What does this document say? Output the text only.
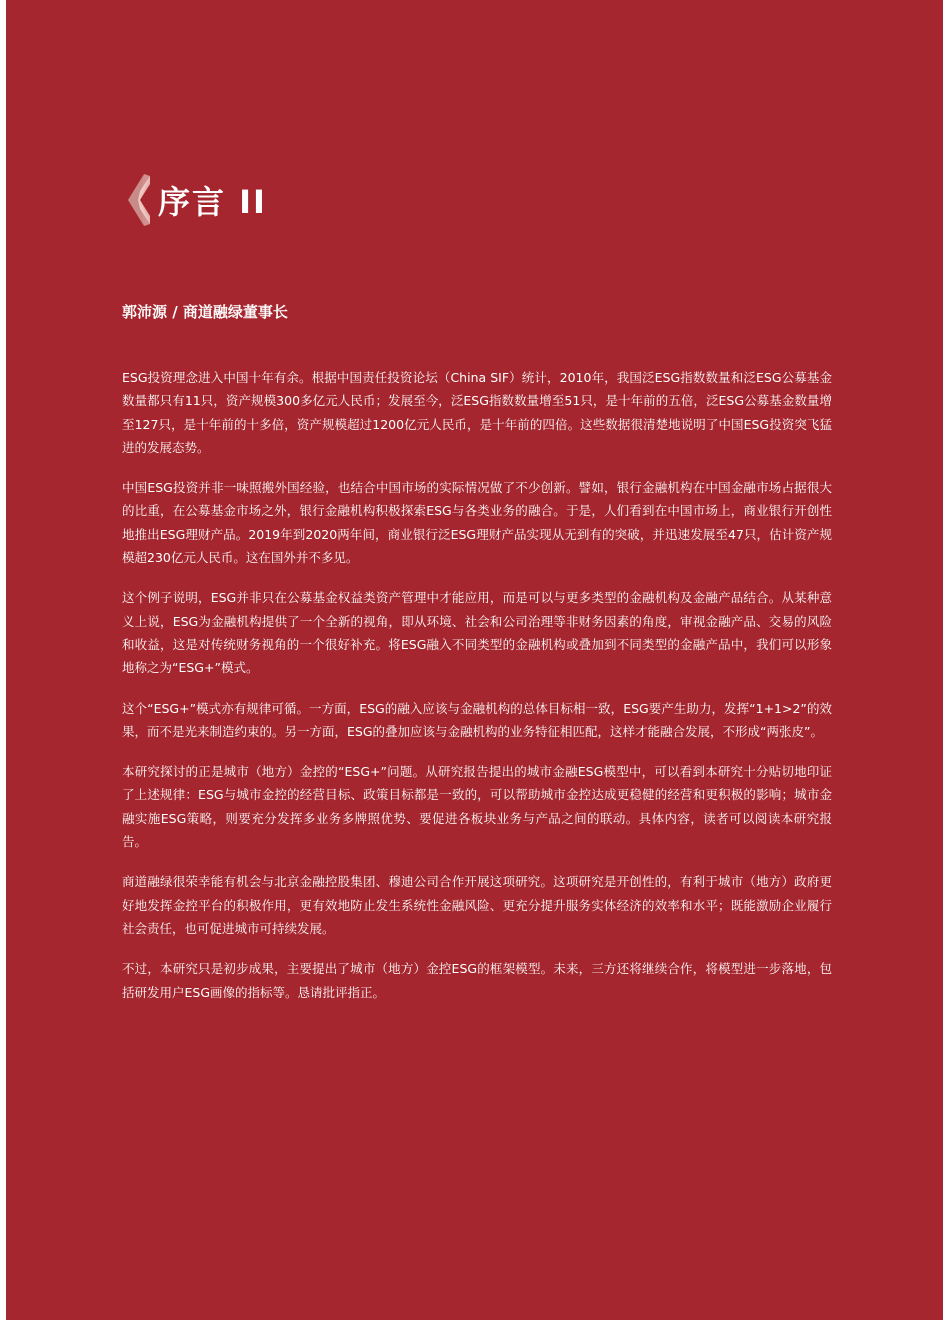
序言 II
郭沛源 / 商道融绿董事长

ESG投资理念进入中国十年有余。根据中国责任投资论坛（China SIF）统计，2010年，我国泛ESG指数数量和泛ESG公募基金数量都只有11只，资产规模300多亿元人民币；发展至今，泛ESG指数数量增至51只，是十年前的五倍，泛ESG公募基金数量增至127只，是十年前的十多倍，资产规模超过1200亿元人民币，是十年前的四倍。这些数据很清楚地说明了中国ESG投资突飞猛进的发展态势。

中国ESG投资并非一味照搬外国经验，也结合中国市场的实际情况做了不少创新。譬如，银行金融机构在中国金融市场占据很大的比重，在公募基金市场之外，银行金融机构积极探索ESG与各类业务的融合。于是，人们看到在中国市场上，商业银行开创性地推出ESG理财产品。2019年到2020两年间，商业银行泛ESG理财产品实现从无到有的突破，并迅速发展至47只，估计资产规模超230亿元人民币。这在国外并不多见。

这个例子说明，ESG并非只在公募基金权益类资产管理中才能应用，而是可以与更多类型的金融机构及金融产品结合。从某种意义上说，ESG为金融机构提供了一个全新的视角，即从环境、社会和公司治理等非财务因素的角度，审视金融产品、交易的风险和收益，这是对传统财务视角的一个很好补充。将ESG融入不同类型的金融机构或叠加到不同类型的金融产品中，我们可以形象地称之为“ESG+”模式。

这个“ESG+”模式亦有规律可循。一方面，ESG的融入应该与金融机构的总体目标相一致，ESG要产生助力，发挥“1+1>2”的效果，而不是光来制造约束的。另一方面，ESG的叠加应该与金融机构的业务特征相匹配，这样才能融合发展，不形成“两张皮”。

本研究探讨的正是城市（地方）金控的“ESG+”问题。从研究报告提出的城市金融ESG模型中，可以看到本研究十分贴切地印证了上述规律：ESG与城市金控的经营目标、政策目标都是一致的，可以帮助城市金控达成更稳健的经营和更积极的影响；城市金融实施ESG策略，则要充分发挥多业务多牌照优势、要促进各板块业务与产品之间的联动。具体内容，读者可以阅读本研究报告。

商道融绿很荣幸能有机会与北京金融控股集团、穆迪公司合作开展这项研究。这项研究是开创性的，有利于城市（地方）政府更好地发挥金控平台的积极作用，更有效地防止发生系统性金融风险、更充分提升服务实体经济的效率和水平；既能激励企业履行社会责任，也可促进城市可持续发展。

不过，本研究只是初步成果，主要提出了城市（地方）金控ESG的框架模型。未来，三方还将继续合作，将模型进一步落地，包括研发用户ESG画像的指标等。恳请批评指正。
